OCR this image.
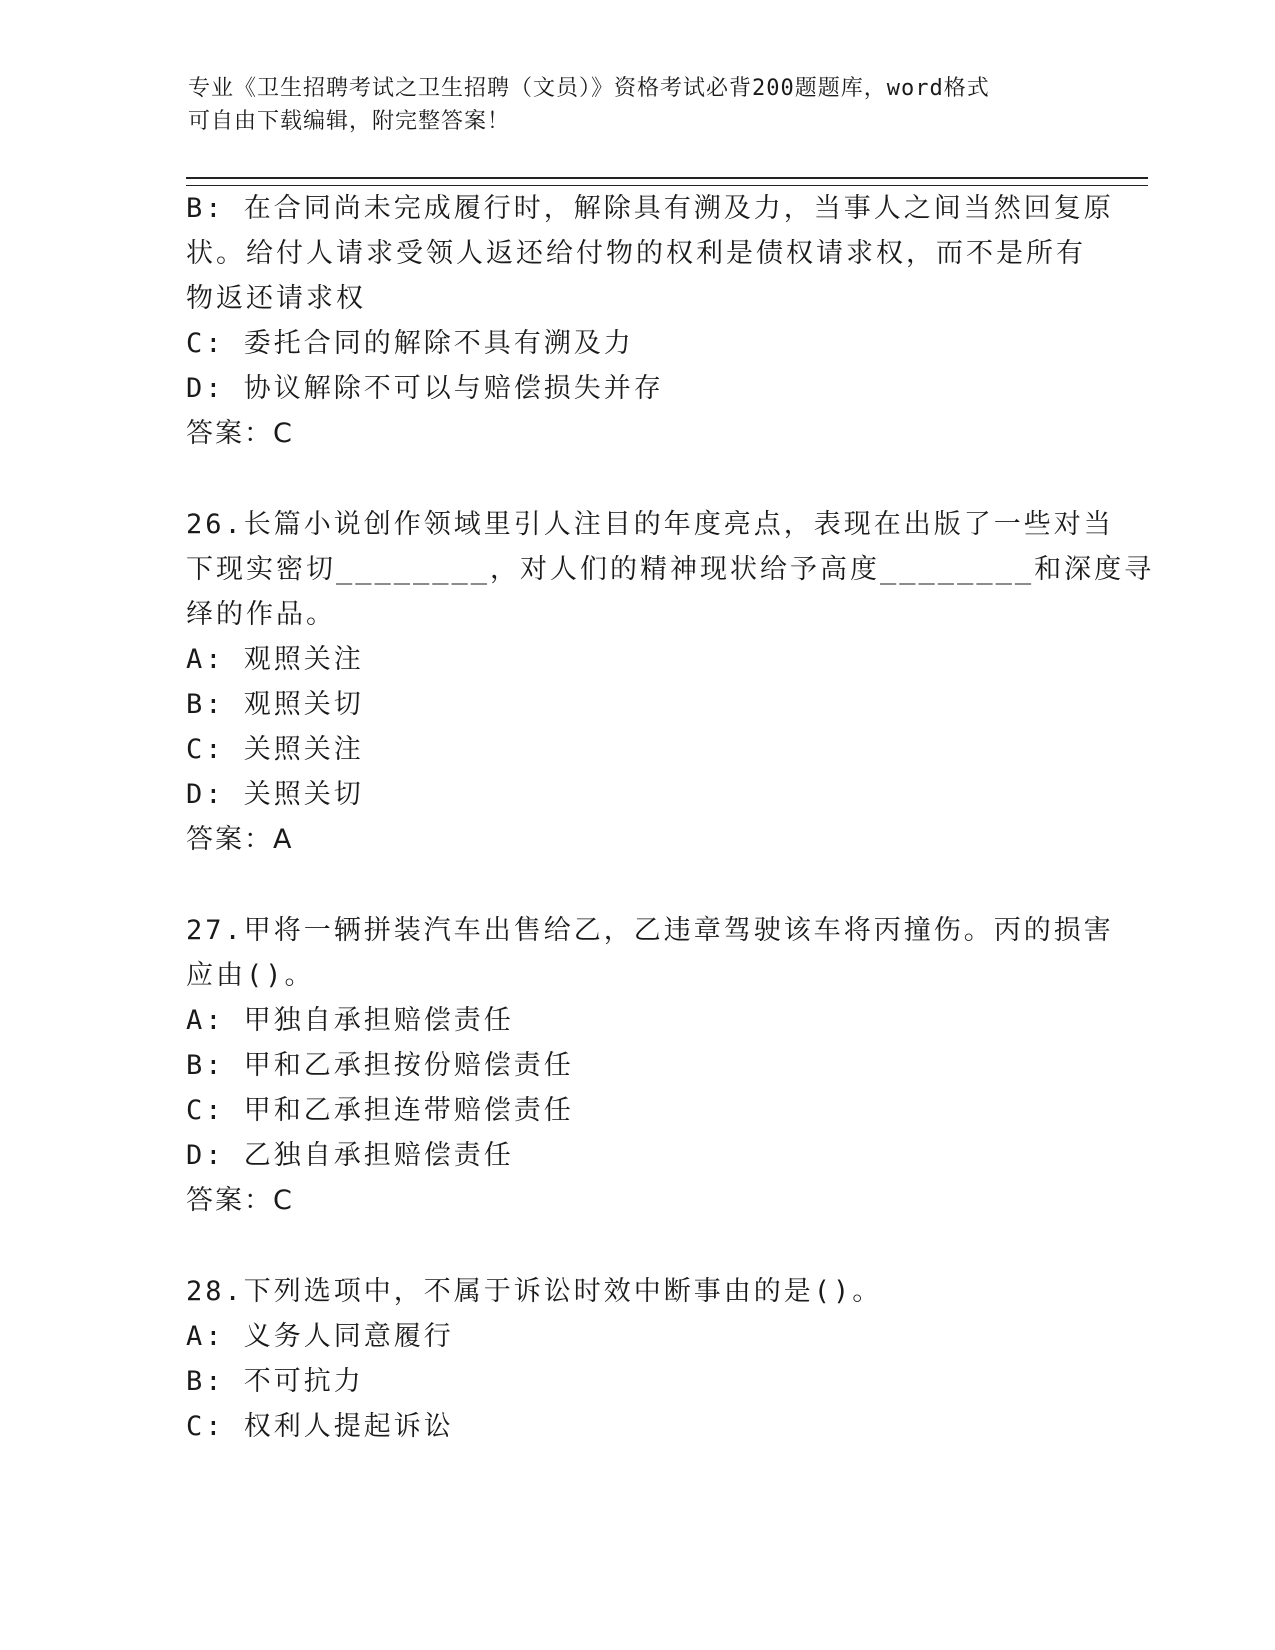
专业《卫生招聘考试之卫生招聘（文员）》资格考试必背200题题库，word格式
可自由下载编辑，附完整答案！
B: 在合同尚未完成履行时，解除具有溯及力，当事人之间当然回复原
状。给付人请求受领人返还给付物的权利是债权请求权，而不是所有
物返还请求权
C: 委托合同的解除不具有溯及力
D: 协议解除不可以与赔偿损失并存
答案：C
26.长篇小说创作领域里引人注目的年度亮点，表现在出版了一些对当
下现实密切________，对人们的精神现状给予高度________和深度寻
绎的作品。
A: 观照关注
B: 观照关切
C: 关照关注
D: 关照关切
答案：A
27.甲将一辆拼装汽车出售给乙，乙违章驾驶该车将丙撞伤。丙的损害
应由()。
A: 甲独自承担赔偿责任
B: 甲和乙承担按份赔偿责任
C: 甲和乙承担连带赔偿责任
D: 乙独自承担赔偿责任
答案：C
28.下列选项中，不属于诉讼时效中断事由的是()。
A: 义务人同意履行
B: 不可抗力
C: 权利人提起诉讼
